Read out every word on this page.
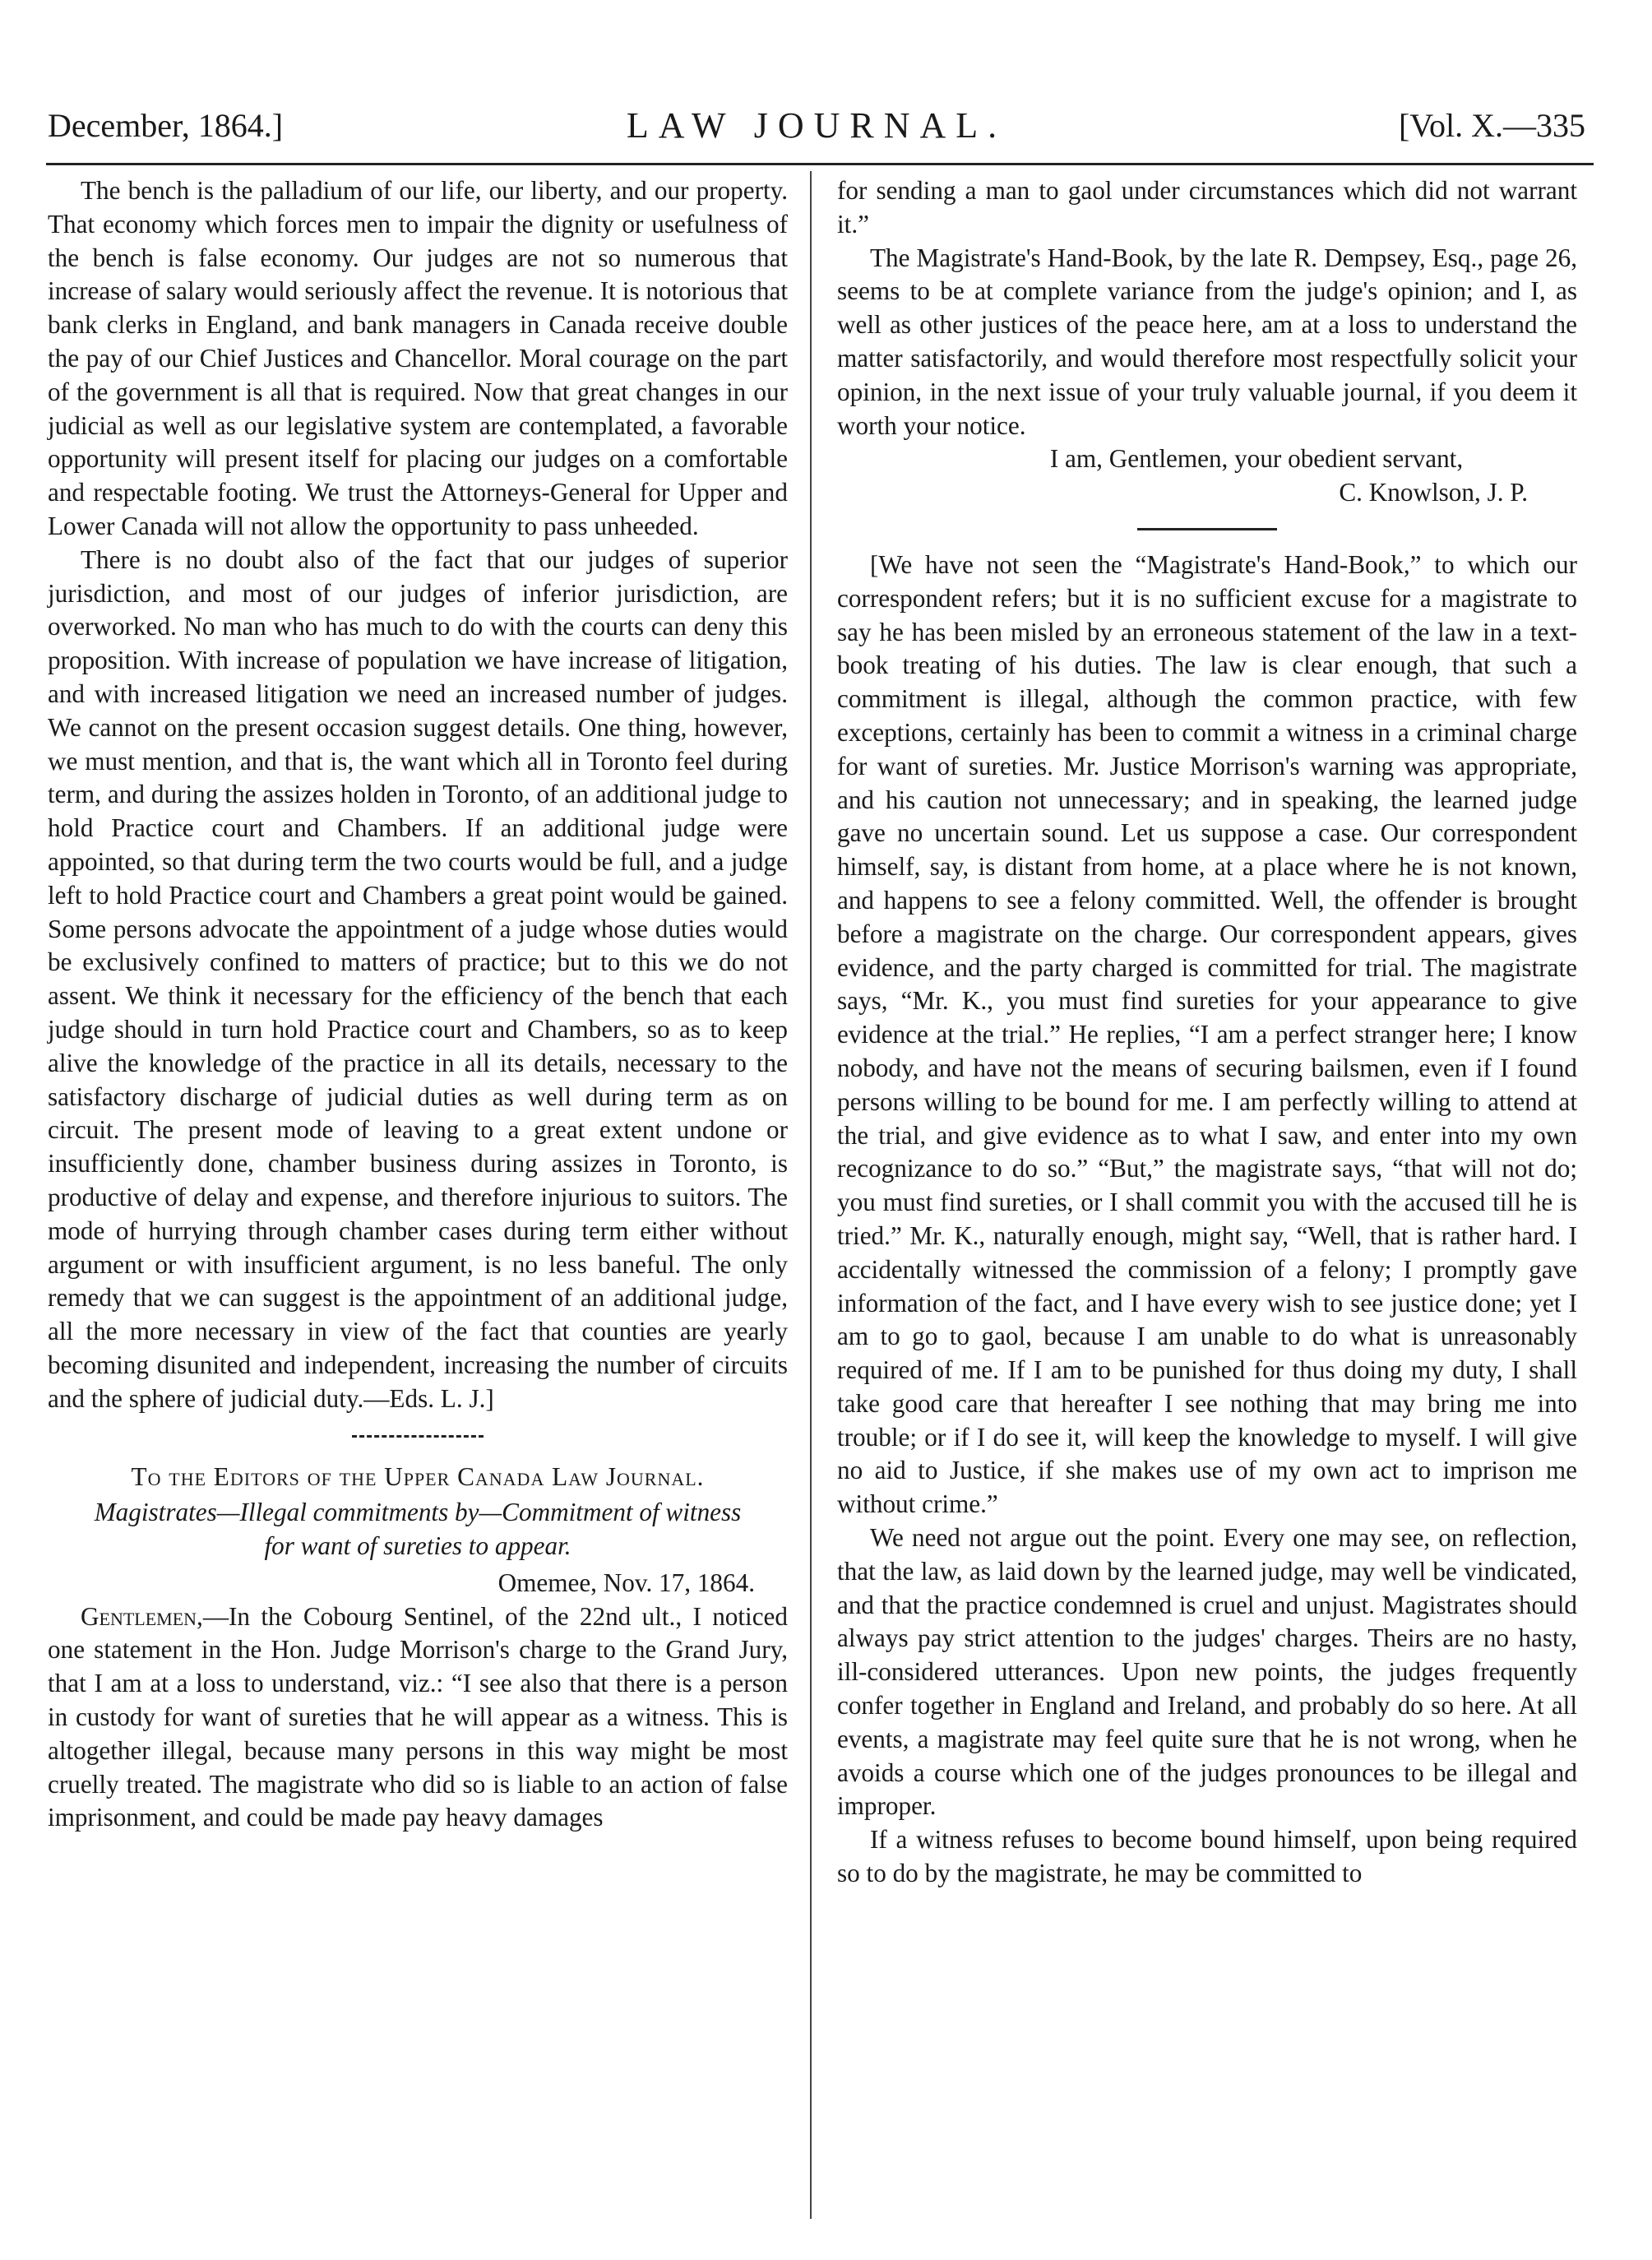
December, 1864.]	LAW JOURNAL.	[Vol. X.—335

The bench is the palladium of our life, our liberty, and our property. That economy which forces men to impair the dignity or usefulness of the bench is false economy. Our judges are not so numerous that increase of salary would seriously affect the revenue. It is notorious that bank clerks in England, and bank managers in Canada receive double the pay of our Chief Justices and Chancellor. Moral courage on the part of the government is all that is required. Now that great changes in our judicial as well as our legislative system are contemplated, a favorable opportunity will present itself for placing our judges on a comfortable and respectable footing. We trust the Attorneys-General for Upper and Lower Canada will not allow the opportunity to pass unheeded.

There is no doubt also of the fact that our judges of superior jurisdiction, and most of our judges of inferior jurisdiction, are overworked. No man who has much to do with the courts can deny this proposition. With increase of population we have increase of litigation, and with increased litigation we need an increased number of judges. We cannot on the present occasion suggest details. One thing, however, we must mention, and that is, the want which all in Toronto feel during term, and during the assizes holden in Toronto, of an additional judge to hold Practice court and Chambers. If an additional judge were appointed, so that during term the two courts would be full, and a judge left to hold Practice court and Chambers a great point would be gained. Some persons advocate the appointment of a judge whose duties would be exclusively confined to matters of practice; but to this we do not assent. We think it necessary for the efficiency of the bench that each judge should in turn hold Practice court and Chambers, so as to keep alive the knowledge of the practice in all its details, necessary to the satisfactory discharge of judicial duties as well during term as on circuit. The present mode of leaving to a great extent undone or insufficiently done, chamber business during assizes in Toronto, is productive of delay and expense, and therefore injurious to suitors. The mode of hurrying through chamber cases during term either without argument or with insufficient argument, is no less baneful. The only remedy that we can suggest is the appointment of an additional judge, all the more necessary in view of the fact that counties are yearly becoming disunited and independent, increasing the number of circuits and the sphere of judicial duty.—Eds. L. J.]

To the Editors of the Upper Canada Law Journal.

Magistrates—Illegal commitments by—Commitment of witness for want of sureties to appear.

Omemee, Nov. 17, 1864.

Gentlemen,—In the Cobourg Sentinel, of the 22nd ult., I noticed one statement in the Hon. Judge Morrison's charge to the Grand Jury, that I am at a loss to understand, viz.: “I see also that there is a person in custody for want of sureties that he will appear as a witness. This is altogether illegal, because many persons in this way might be most cruelly treated. The magistrate who did so is liable to an action of false imprisonment, and could be made pay heavy damages

for sending a man to gaol under circumstances which did not warrant it.”

The Magistrate's Hand-Book, by the late R. Dempsey, Esq., page 26, seems to be at complete variance from the judge's opinion; and I, as well as other justices of the peace here, am at a loss to understand the matter satisfactorily, and would therefore most respectfully solicit your opinion, in the next issue of your truly valuable journal, if you deem it worth your notice.

I am, Gentlemen, your obedient servant,

C. Knowlson, J. P.

[We have not seen the “Magistrate's Hand-Book,” to which our correspondent refers; but it is no sufficient excuse for a magistrate to say he has been misled by an erroneous statement of the law in a text-book treating of his duties. The law is clear enough, that such a commitment is illegal, although the common practice, with few exceptions, certainly has been to commit a witness in a criminal charge for want of sureties. Mr. Justice Morrison's warning was appropriate, and his caution not unnecessary; and in speaking, the learned judge gave no uncertain sound. Let us suppose a case. Our correspondent himself, say, is distant from home, at a place where he is not known, and happens to see a felony committed. Well, the offender is brought before a magistrate on the charge. Our correspondent appears, gives evidence, and the party charged is committed for trial. The magistrate says, “Mr. K., you must find sureties for your appearance to give evidence at the trial.” He replies, “I am a perfect stranger here; I know nobody, and have not the means of securing bailsmen, even if I found persons willing to be bound for me. I am perfectly willing to attend at the trial, and give evidence as to what I saw, and enter into my own recognizance to do so.” “But,” the magistrate says, “that will not do; you must find sureties, or I shall commit you with the accused till he is tried.” Mr. K., naturally enough, might say, “Well, that is rather hard. I accidentally witnessed the commission of a felony; I promptly gave information of the fact, and I have every wish to see justice done; yet I am to go to gaol, because I am unable to do what is unreasonably required of me. If I am to be punished for thus doing my duty, I shall take good care that hereafter I see nothing that may bring me into trouble; or if I do see it, will keep the knowledge to myself. I will give no aid to Justice, if she makes use of my own act to imprison me without crime.”

We need not argue out the point. Every one may see, on reflection, that the law, as laid down by the learned judge, may well be vindicated, and that the practice condemned is cruel and unjust. Magistrates should always pay strict attention to the judges' charges. Theirs are no hasty, ill-considered utterances. Upon new points, the judges frequently confer together in England and Ireland, and probably do so here. At all events, a magistrate may feel quite sure that he is not wrong, when he avoids a course which one of the judges pronounces to be illegal and improper.

If a witness refuses to become bound himself, upon being required so to do by the magistrate, he may be committed to
